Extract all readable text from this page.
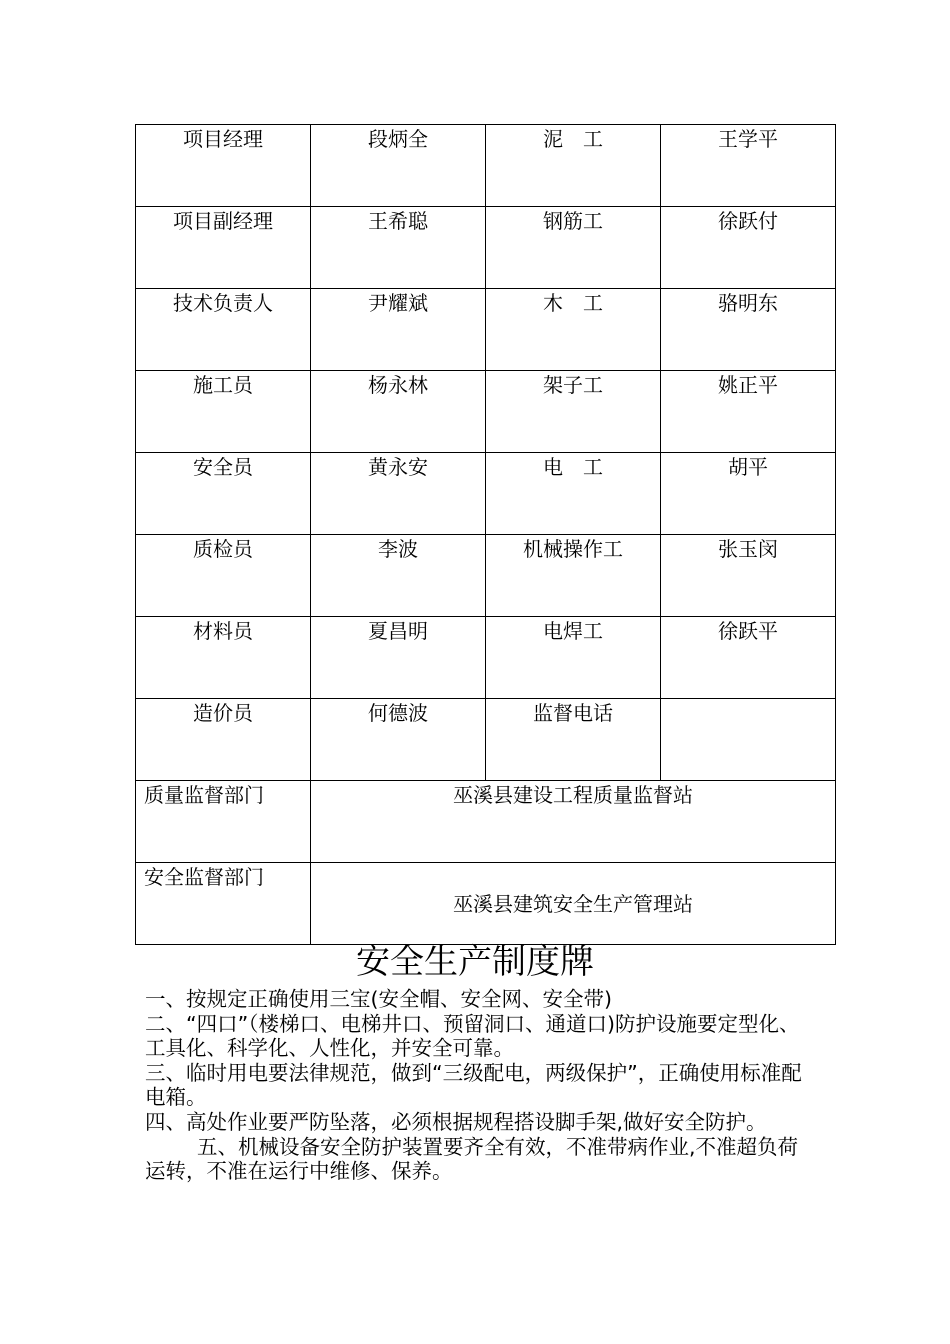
项目经理	段炳全	泥　工	王学平

项目副经理	王希聪	钢筋工	徐跃付

技术负责人	尹耀斌	木　工	骆明东

施工员	杨永林	架子工	姚正平

安全员	黄永安	电　工	胡平

质检员	李波	机械操作工	张玉闵

材料员	夏昌明	电焊工	徐跃平

造价员	何德波	监督电话	

质量监督部门	巫溪县建设工程质量监督站		

安全监督部门	巫溪县建筑安全生产管理站		
安全生产制度牌

一、按规定正确使用三宝(安全帽、安全网、安全带)

二、“四口”（楼梯口、电梯井口、预留洞口、通道口)防护设施要定型化、工具化、科学化、人性化，并安全可靠。

三、临时用电要法律规范，做到“三级配电，两级保护”，正确使用标准配电箱。

四、高处作业要严防坠落，必须根据规程搭设脚手架,做好安全防护。

五、机械设备安全防护装置要齐全有效，不准带病作业,不准超负荷运转，不准在运行中维修、保养。
